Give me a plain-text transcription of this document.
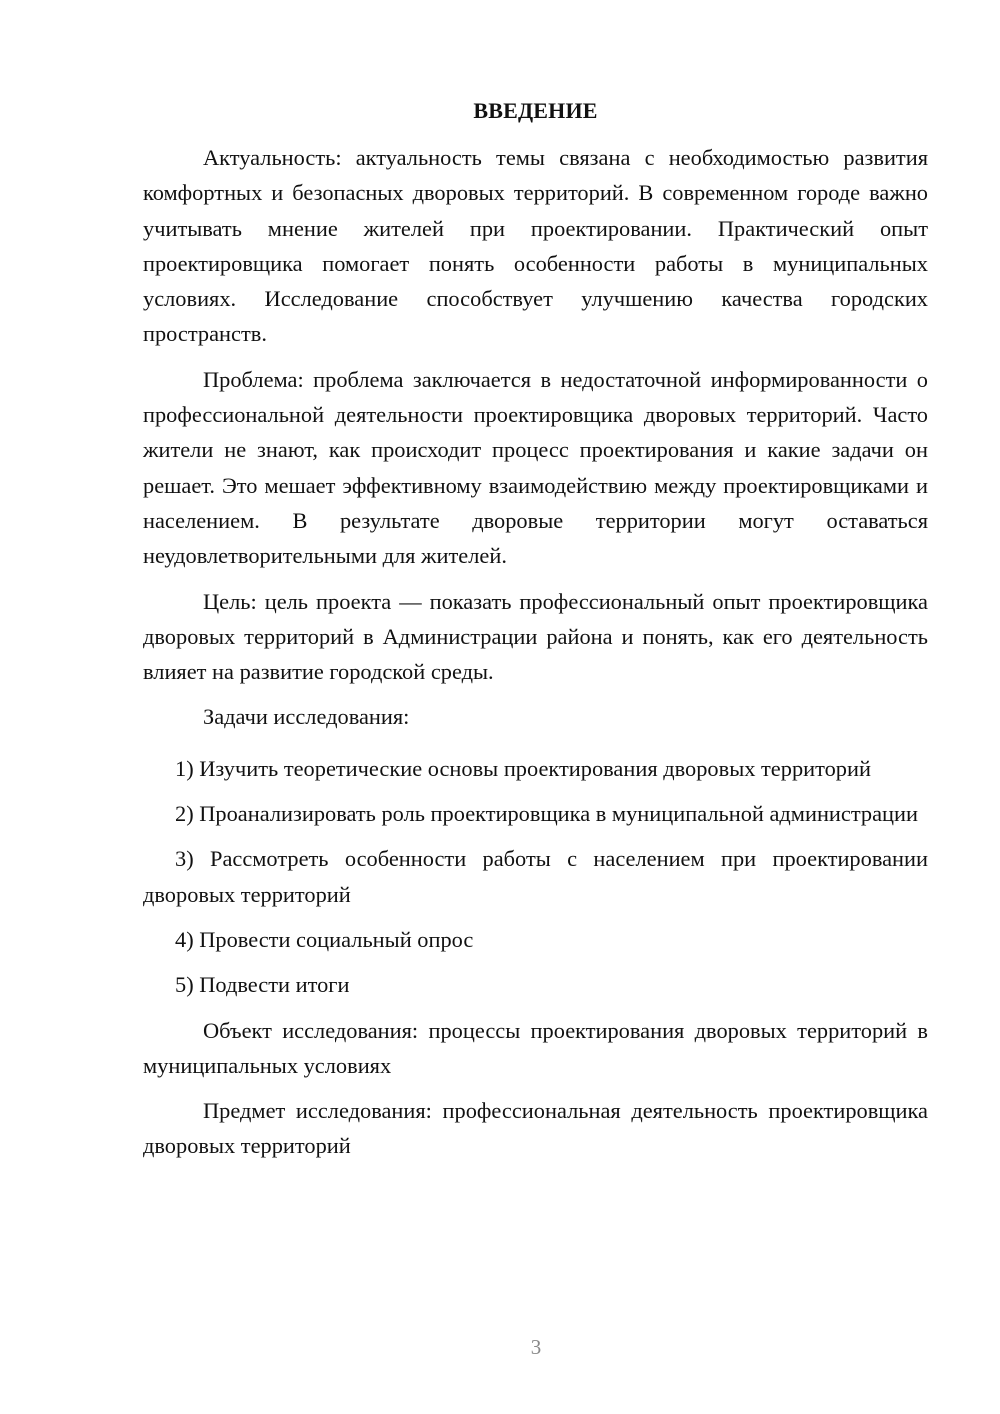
ВВЕДЕНИЕ

Актуальность: актуальность темы связана с необходимостью развития комфортных и безопасных дворовых территорий. В современном городе важно учитывать мнение жителей при проектировании. Практический опыт проектировщика помогает понять особенности работы в муниципальных условиях. Исследование способствует улучшению качества городских пространств.

Проблема: проблема заключается в недостаточной информированности о профессиональной деятельности проектировщика дворовых территорий. Часто жители не знают, как происходит процесс проектирования и какие задачи он решает. Это мешает эффективному взаимодействию между проектировщиками и населением. В результате дворовые территории могут оставаться неудовлетворительными для жителей.

Цель: цель проекта — показать профессиональный опыт проектировщика дворовых территорий в Администрации района и понять, как его деятельность влияет на развитие городской среды.

Задачи исследования:

1) Изучить теоретические основы проектирования дворовых территорий

2) Проанализировать роль проектировщика в муниципальной администрации

3) Рассмотреть особенности работы с населением при проектировании дворовых территорий

4) Провести социальный опрос

5) Подвести итоги

Объект исследования: процессы проектирования дворовых территорий в муниципальных условиях

Предмет исследования: профессиональная деятельность проектировщика дворовых территорий

3
